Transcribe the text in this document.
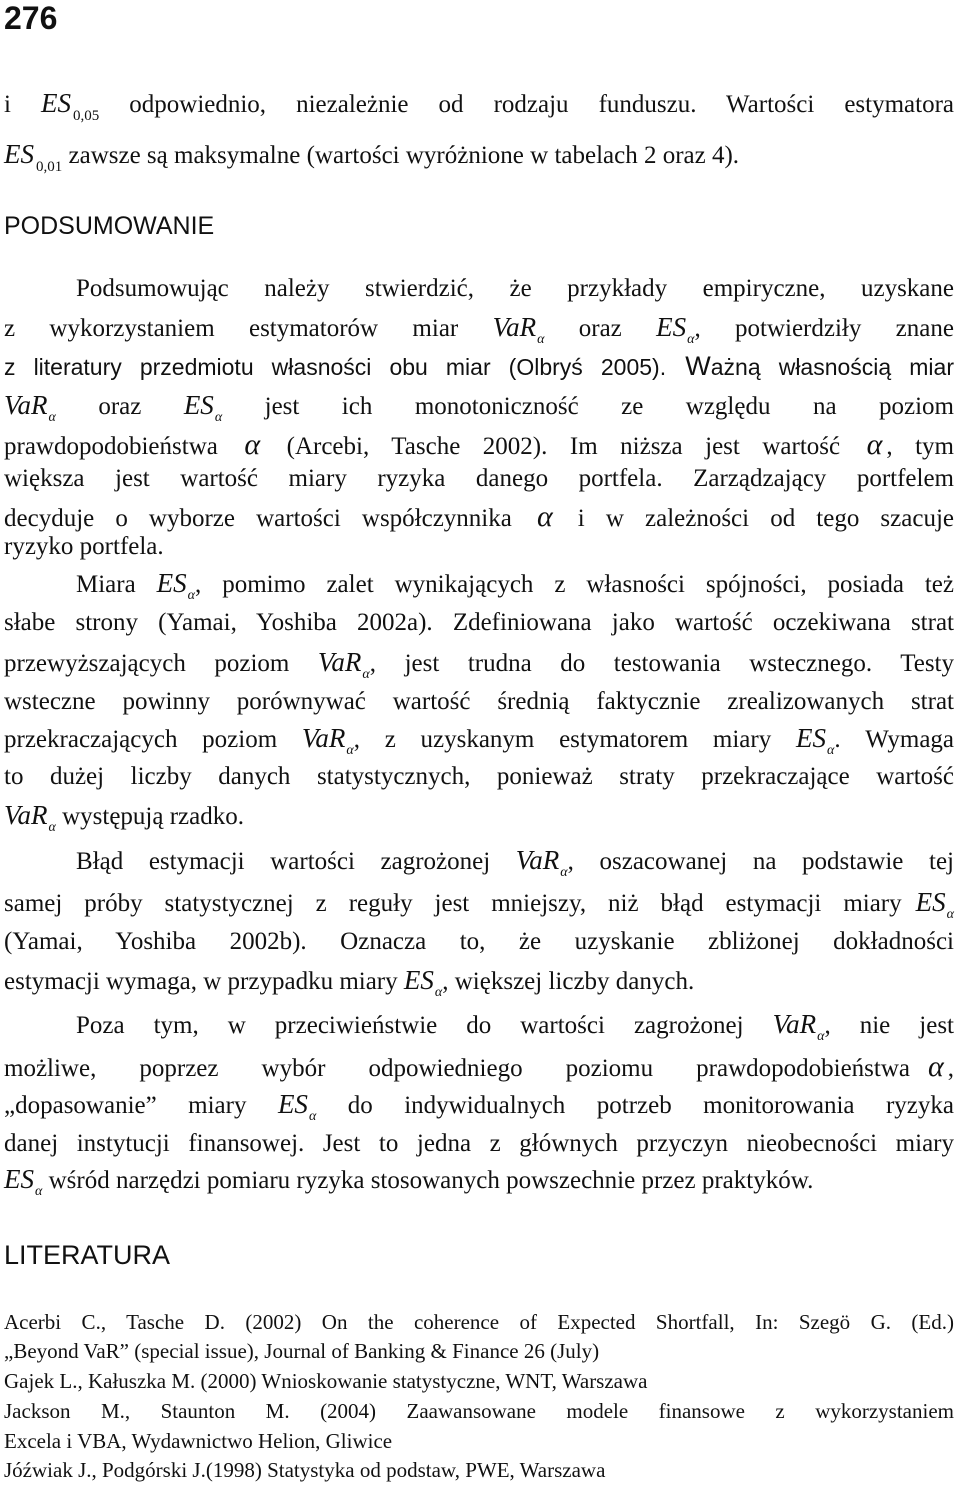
276
i ES $_{0,05}$ odpowiednio, niezależnie od rodzaju funduszu. Wartości estymatora
ES $_{0,01}$ zawsze są maksymalne (wartości wyróżnione w tabelach 2 oraz 4).
PODSUMOWANIE
Podsumowując należy stwierdzić, że przykłady empiryczne, uzyskane
z wykorzystaniem estymatorów miar VaR$_\alpha$ oraz $ES_\alpha$, potwierdziły znane
z literatury przedmiotu własności obu miar (Olbryś 2005). Ważną własnością miar
VaR$_\alpha$ oraz $ES_\alpha$ jest ich monotoniczność ze względu na poziom
prawdopodobieństwa α (Arcebi, Tasche 2002). Im niższa jest wartość α , tym
większa jest wartość miary ryzyka danego portfela. Zarządzający portfelem
decyduje o wyborze wartości współczynnika α i w zależności od tego szacuje
ryzyko portfela.
Miara $ES_\alpha$, pomimo zalet wynikających z własności spójności, posiada też
słabe strony (Yamai, Yoshiba 2002a). Zdefiniowana jako wartość oczekiwana strat
przewyższających poziom VaR$_\alpha$, jest trudna do testowania wstecznego. Testy
wsteczne powinny porównywać wartość średnią faktycznie zrealizowanych strat
przekraczających poziom VaR$_\alpha$, z uzyskanym estymatorem miary $ES_\alpha$. Wymaga
to dużej liczby danych statystycznych, ponieważ straty przekraczające wartość
VaR$_\alpha$ występują rzadko.
Błąd estymacji wartości zagrożonej VaR$_\alpha$, oszacowanej na podstawie tej
samej próby statystycznej z reguły jest mniejszy, niż błąd estymacji miary $ES_\alpha$
(Yamai, Yoshiba 2002b). Oznacza to, że uzyskanie zbliżonej dokładności
estymacji wymaga, w przypadku miary $ES_\alpha$, większej liczby danych.
Poza tym, w przeciwieństwie do wartości zagrożonej VaR$_\alpha$, nie jest
możliwe, poprzez wybór odpowiedniego poziomu prawdopodobieństwa α ,
„dopasowanie” miary $ES_\alpha$ do indywidualnych potrzeb monitorowania ryzyka
danej instytucji finansowej. Jest to jedna z głównych przyczyn nieobecności miary
$ES_\alpha$ wśród narzędzi pomiaru ryzyka stosowanych powszechnie przez praktyków.
LITERATURA
Acerbi C., Tasche D. (2002) On the coherence of Expected Shortfall, In: Szegö G. (Ed.)
„Beyond VaR” (special issue), Journal of Banking & Finance 26 (July)
Gajek L., Kałuszka M. (2000) Wnioskowanie statystyczne, WNT, Warszawa
Jackson M., Staunton M. (2004) Zaawansowane modele finansowe z wykorzystaniem
Excela i VBA, Wydawnictwo Helion, Gliwice
Jóźwiak J., Podgórski J.(1998) Statystyka od podstaw, PWE, Warszawa
